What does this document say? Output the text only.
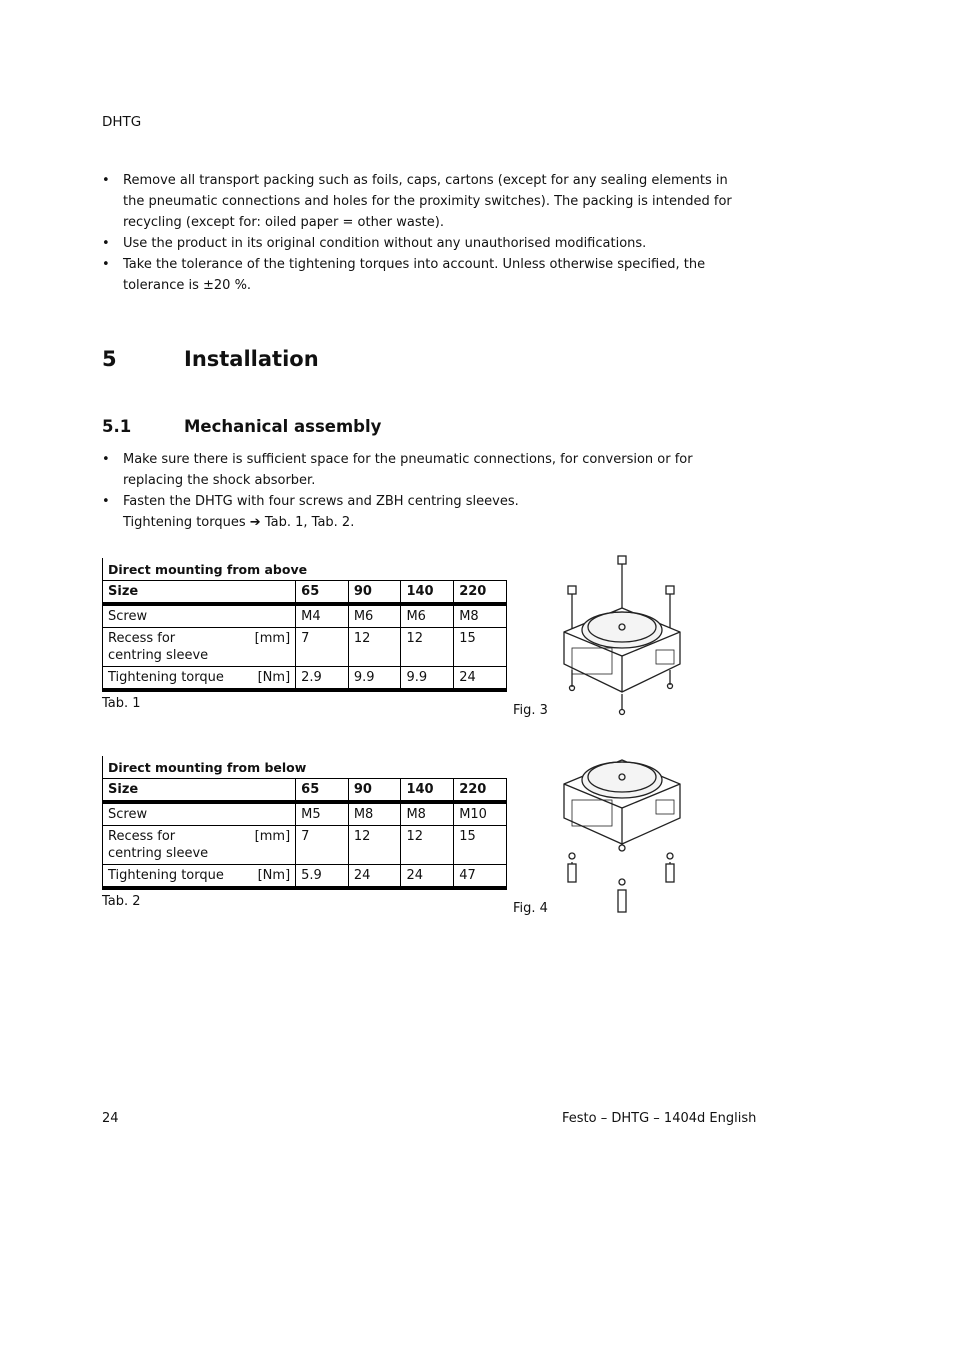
DHTG
• Remove all transport packing such as foils, caps, cartons (except for any sealing elements in the pneumatic connections and holes for the proximity switches). The packing is intended for recycling (except for: oiled paper = other waste).
• Use the product in its original condition without any unauthorised modifications.
• Take the tolerance of the tightening torques into account. Unless otherwise specified, the tolerance is ±20 %.
5	Installation
5.1	Mechanical assembly
• Make sure there is sufficient space for the pneumatic connections, for conversion or for replacing the shock absorber.
• Fasten the DHTG with four screws and ZBH centring sleeves.
Tightening torques ➔ Tab. 1, Tab. 2.
Direct mounting from above				
Size	65	90	140	220
Screw	M4	M6	M6	M8

[mm]
Recess for
centring sleeve	7	12	12	15

[Nm]
Tightening torque	2.9	9.9	9.9	24
Tab. 1	Fig. 3
Direct mounting from below				
Size	65	90	140	220
Screw	M5	M8	M8	M10

[mm]
Recess for
centring sleeve	7	12	12	15

[Nm]
Tightening torque	5.9	24	24	47
Tab. 2	Fig. 4
24	Festo – DHTG – 1404d English
